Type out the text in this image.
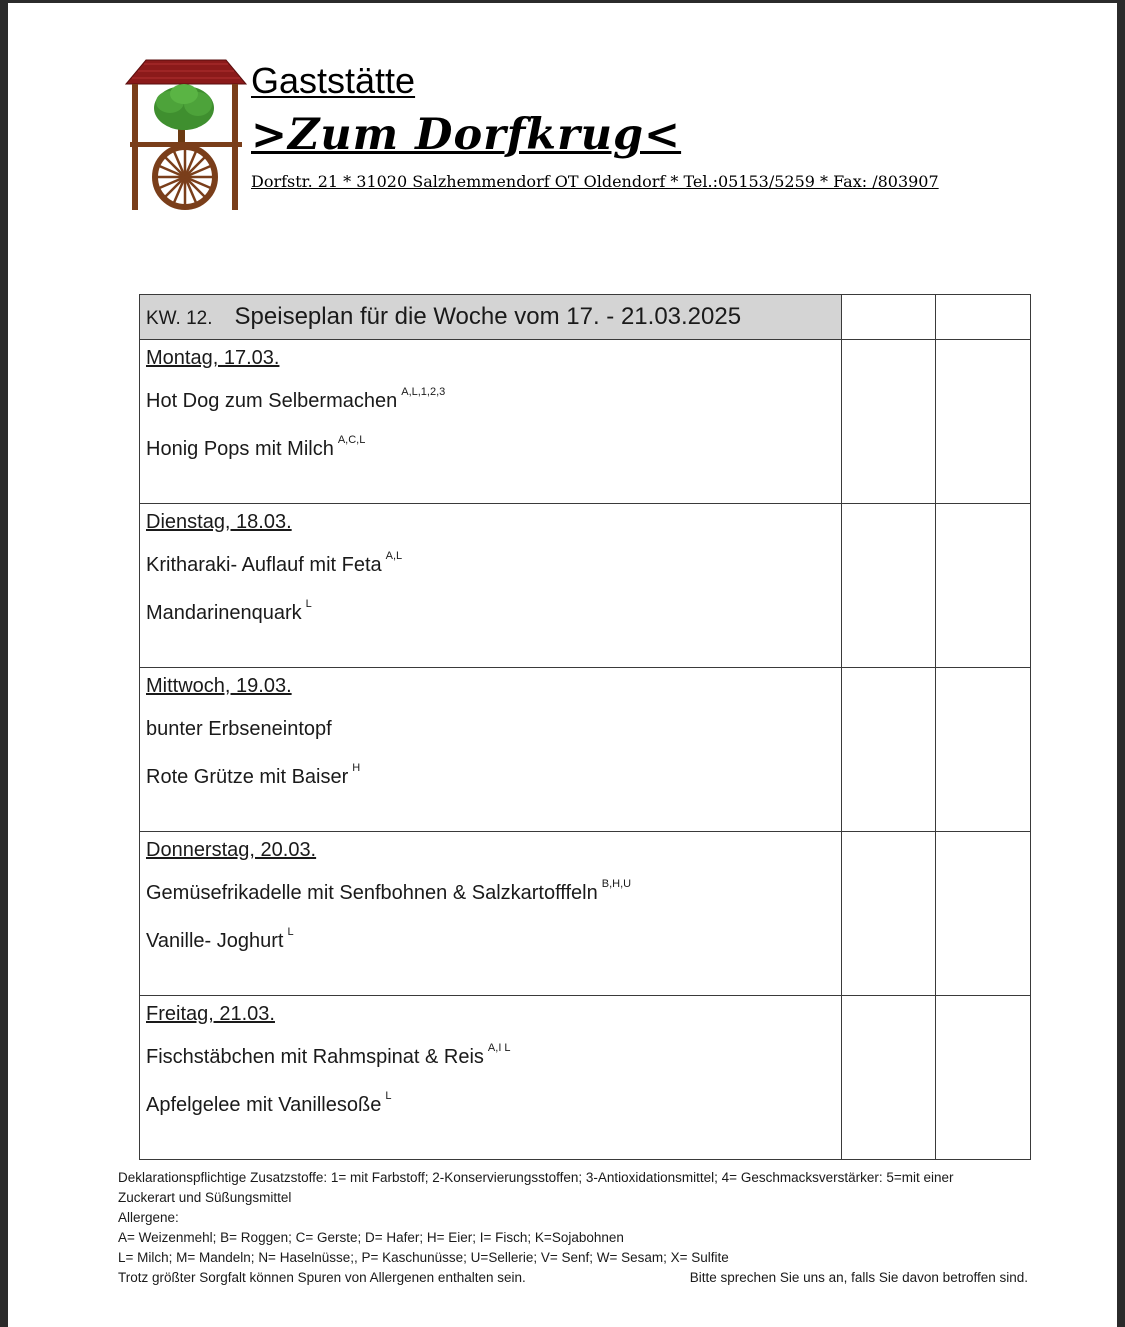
Gaststätte
>Zum Dorfkrug<
Dorfstr. 21 * 31020 Salzhemmendorf OT Oldendorf * Tel.:05153/5259 * Fax: /803907
KW. 12. Speiseplan für die Woche vom 17. - 21.03.2025		

Montag, 17.03.
Hot Dog zum Selbermachen $^{A,L,1,2,3}$
Honig Pops mit Milch $^{A,C,L}$

Dienstag, 18.03.
Kritharaki- Auflauf mit Feta $^{A,L}$
Mandarinenquark $^L$

Mittwoch, 19.03.
bunter Erbseneintopf
Rote Grütze mit Baiser $^H$

Donnerstag, 20.03.
Gemüsefrikadelle mit Senfbohnen & Salzkartofffeln $^{B,H,U}$
Vanille- Joghurt $^L$

Freitag, 21.03.
Fischstäbchen mit Rahmspinat & Reis $^{A,I L}$
Apfelgelee mit Vanillesoße $^L$

Deklarationspflichtige Zusatzstoffe: 1= mit Farbstoff; 2-Konservierungsstoffen; 3-Antioxidationsmittel; 4= Geschmacksverstärker: 5=mit einer
Zuckerart und Süßungsmittel
Allergene:
A= Weizenmehl; B= Roggen; C= Gerste; D= Hafer; H= Eier; I= Fisch; K=Sojabohnen
L= Milch; M= Mandeln; N= Haselnüsse;, P= Kaschunüsse; U=Sellerie; V= Senf; W= Sesam; X= Sulfite
Trotz größter Sorgfalt können Spuren von Allergenen enthalten sein.	Bitte sprechen Sie uns an, falls Sie davon betroffen sind.
